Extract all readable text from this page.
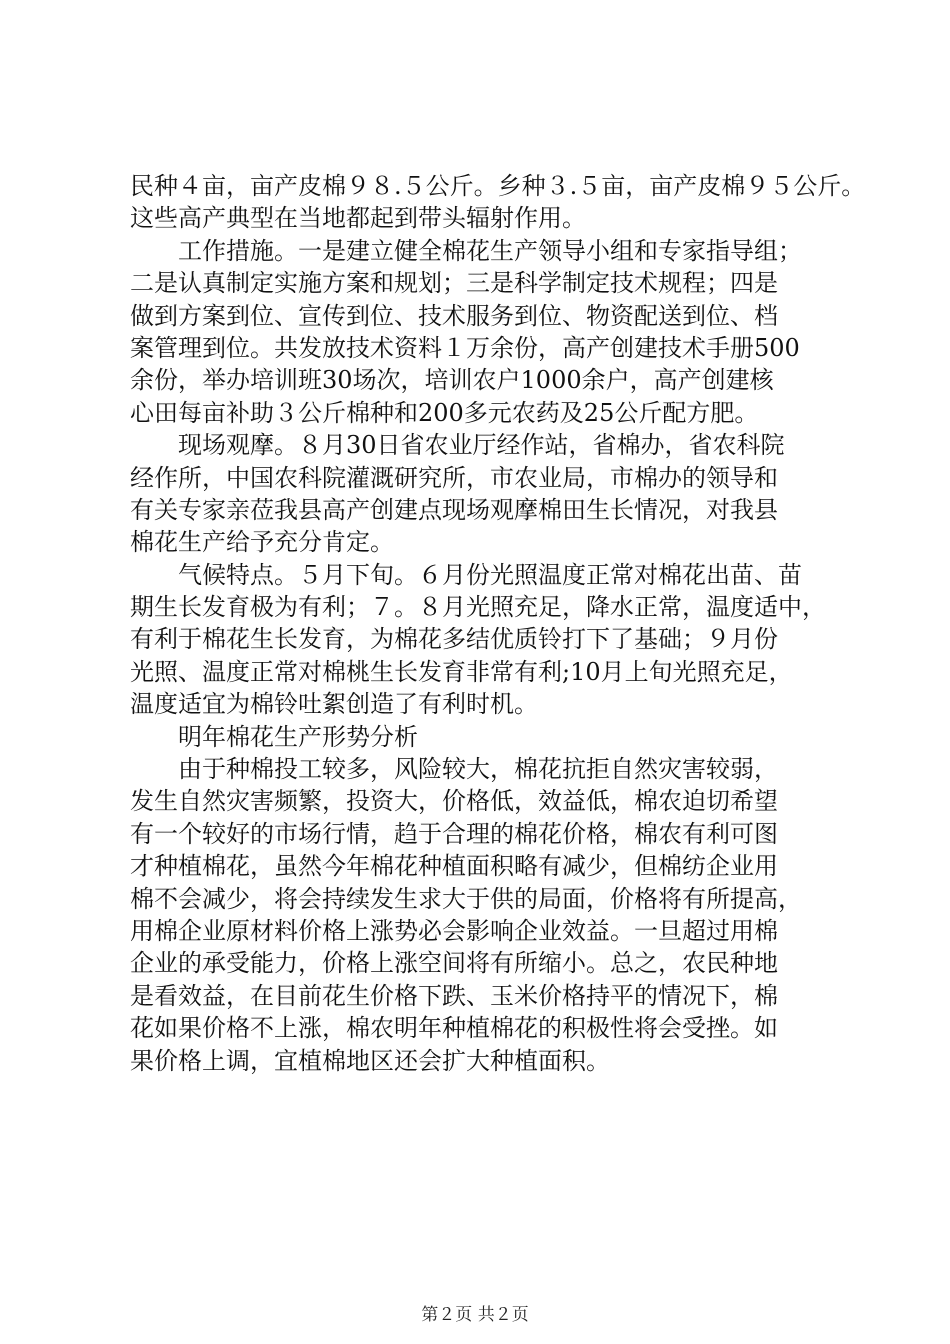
民种４亩，亩产皮棉９８.５公斤。乡种３.５亩，亩产皮棉９５公斤。
这些高产典型在当地都起到带头辐射作用。
　　工作措施。一是建立健全棉花生产领导小组和专家指导组；
二是认真制定实施方案和规划；三是科学制定技术规程；四是
做到方案到位、宣传到位、技术服务到位、物资配送到位、档
案管理到位。共发放技术资料１万余份，高产创建技术手册500
余份，举办培训班30场次，培训农户1000余户，高产创建核
心田每亩补助３公斤棉种和200多元农药及25公斤配方肥。
　　现场观摩。８月30日省农业厅经作站，省棉办，省农科院
经作所，中国农科院灌溉研究所，市农业局，市棉办的领导和
有关专家亲莅我县高产创建点现场观摩棉田生长情况，对我县
棉花生产给予充分肯定。
　　气候特点。５月下旬。６月份光照温度正常对棉花出苗、苗
期生长发育极为有利；７。８月光照充足，降水正常，温度适中，
有利于棉花生长发育，为棉花多结优质铃打下了基础；９月份
光照、温度正常对棉桃生长发育非常有利;10月上旬光照充足，
温度适宜为棉铃吐絮创造了有利时机。
　　明年棉花生产形势分析
　　由于种棉投工较多，风险较大，棉花抗拒自然灾害较弱，
发生自然灾害频繁，投资大，价格低，效益低，棉农迫切希望
有一个较好的市场行情，趋于合理的棉花价格，棉农有利可图
才种植棉花，虽然今年棉花种植面积略有减少，但棉纺企业用
棉不会减少，将会持续发生求大于供的局面，价格将有所提高，
用棉企业原材料价格上涨势必会影响企业效益。一旦超过用棉
企业的承受能力，价格上涨空间将有所缩小。总之，农民种地
是看效益，在目前花生价格下跌、玉米价格持平的情况下，棉
花如果价格不上涨，棉农明年种植棉花的积极性将会受挫。如
果价格上调，宜植棉地区还会扩大种植面积。
第２页 共２页
